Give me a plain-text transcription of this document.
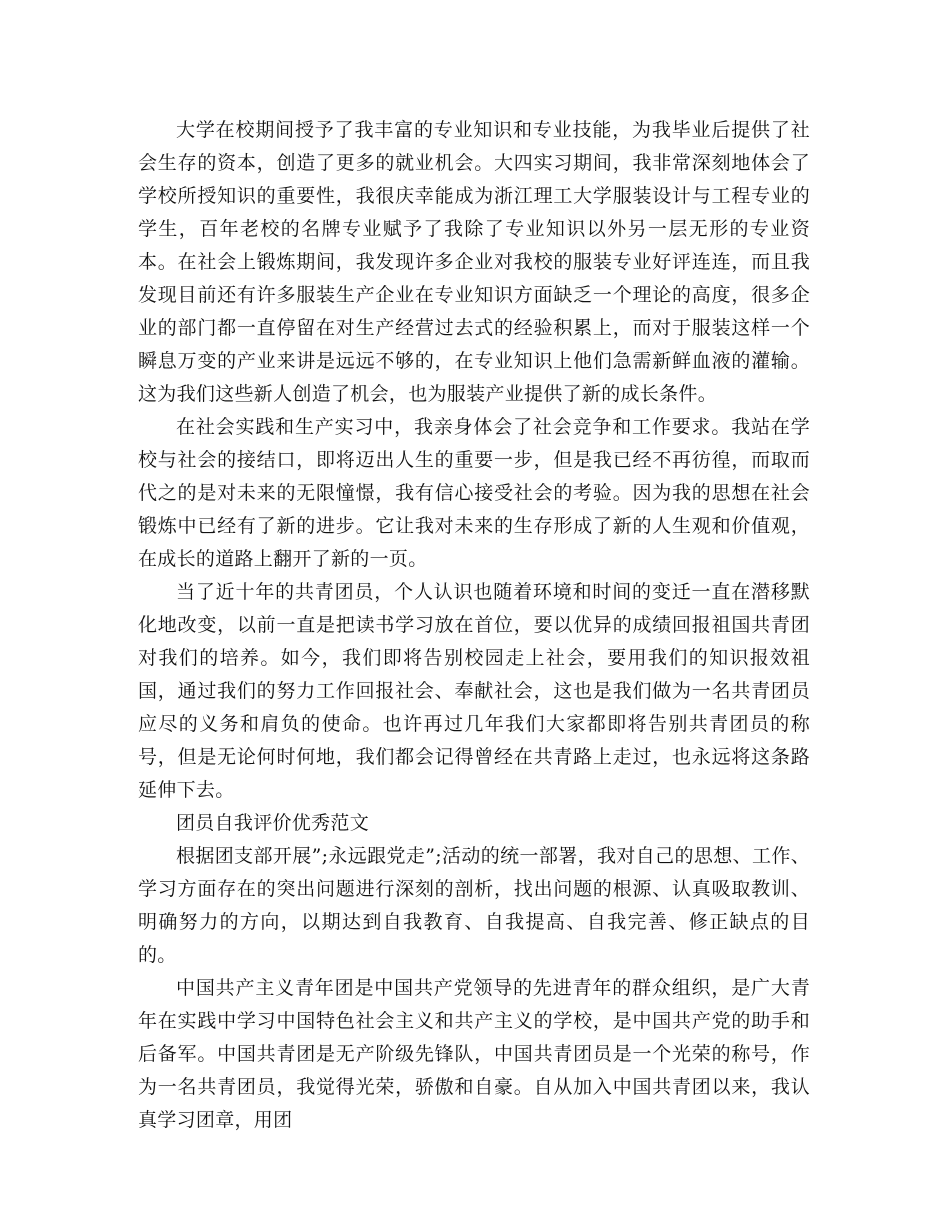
大学在校期间授予了我丰富的专业知识和专业技能，为我毕业后提供了社会生存的资本，创造了更多的就业机会。大四实习期间，我非常深刻地体会了学校所授知识的重要性，我很庆幸能成为浙江理工大学服装设计与工程专业的学生，百年老校的名牌专业赋予了我除了专业知识以外另一层无形的专业资本。在社会上锻炼期间，我发现许多企业对我校的服装专业好评连连，而且我发现目前还有许多服装生产企业在专业知识方面缺乏一个理论的高度，很多企业的部门都一直停留在对生产经营过去式的经验积累上，而对于服装这样一个瞬息万变的产业来讲是远远不够的，在专业知识上他们急需新鲜血液的灌输。这为我们这些新人创造了机会，也为服装产业提供了新的成长条件。

在社会实践和生产实习中，我亲身体会了社会竞争和工作要求。我站在学校与社会的接结口，即将迈出人生的重要一步，但是我已经不再彷徨，而取而代之的是对未来的无限憧憬，我有信心接受社会的考验。因为我的思想在社会锻炼中已经有了新的进步。它让我对未来的生存形成了新的人生观和价值观，在成长的道路上翻开了新的一页。

当了近十年的共青团员，个人认识也随着环境和时间的变迁一直在潜移默化地改变，以前一直是把读书学习放在首位，要以优异的成绩回报祖国共青团对我们的培养。如今，我们即将告别校园走上社会，要用我们的知识报效祖国，通过我们的努力工作回报社会、奉献社会，这也是我们做为一名共青团员应尽的义务和肩负的使命。也许再过几年我们大家都即将告别共青团员的称号，但是无论何时何地，我们都会记得曾经在共青路上走过，也永远将这条路延伸下去。

团员自我评价优秀范文

根据团支部开展”;永远跟党走”;活动的统一部署，我对自己的思想、工作、学习方面存在的突出问题进行深刻的剖析，找出问题的根源、认真吸取教训、明确努力的方向，以期达到自我教育、自我提高、自我完善、修正缺点的目的。

中国共产主义青年团是中国共产党领导的先进青年的群众组织，是广大青年在实践中学习中国特色社会主义和共产主义的学校，是中国共产党的助手和后备军。中国共青团是无产阶级先锋队，中国共青团员是一个光荣的称号，作为一名共青团员，我觉得光荣，骄傲和自豪。自从加入中国共青团以来，我认真学习团章，用团
